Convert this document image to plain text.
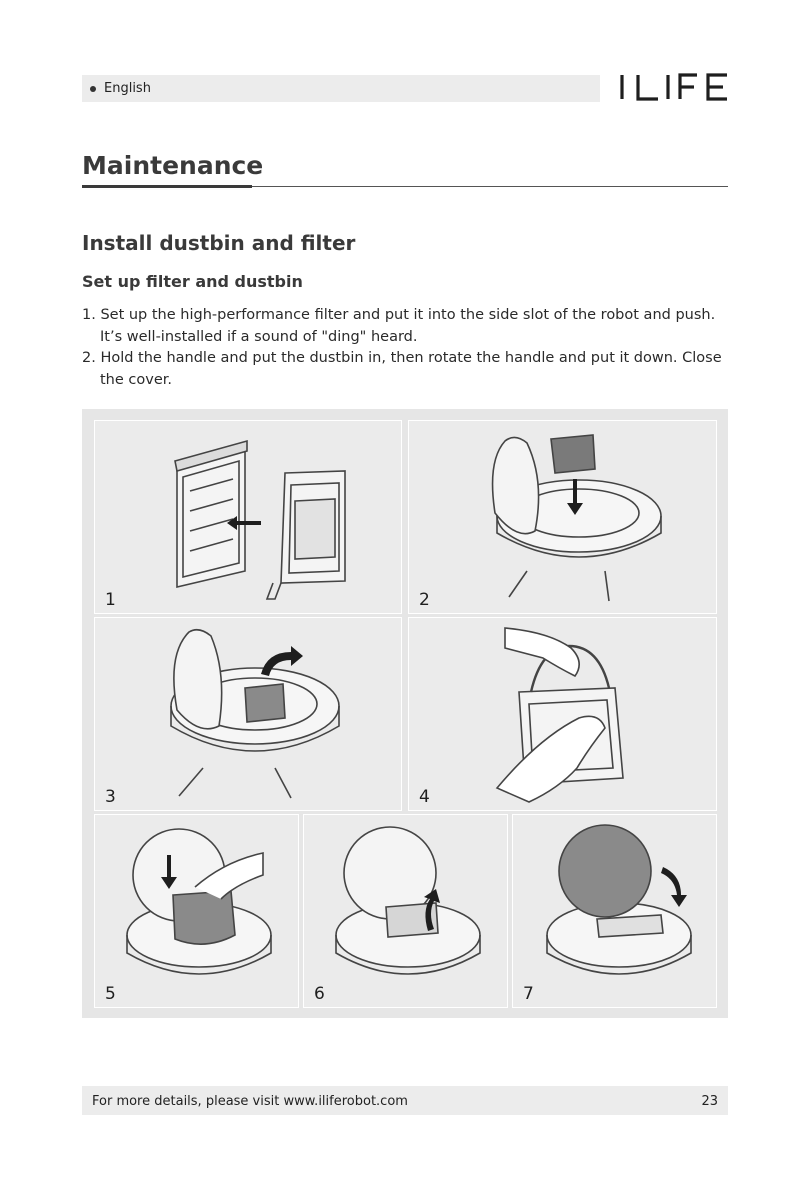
English
Maintenance
Install dustbin and filter
Set up filter and dustbin
1. Set up the high-performance filter and put it into the side slot of the robot and push. It’s well-installed if a sound of "ding" heard.
2. Hold the handle and put the dustbin in, then rotate the handle and put it down. Close the cover.
1	2
3	4
5	6	7
For more details, please visit www.iliferobot.com	23
